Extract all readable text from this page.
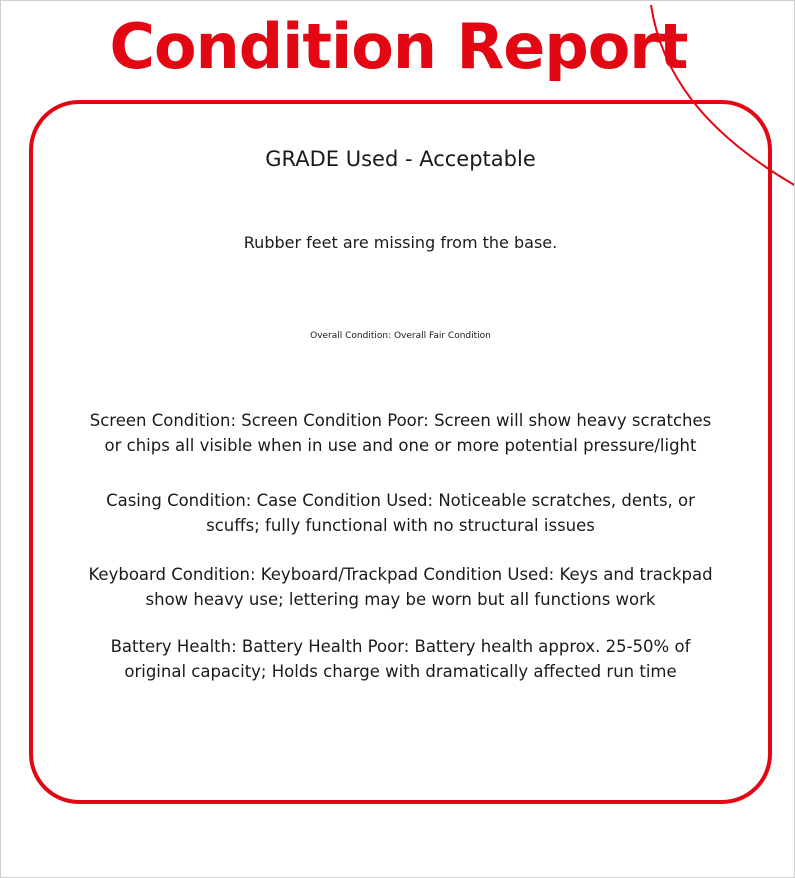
Condition Report
GRADE Used - Acceptable
Rubber feet are missing from the base.
Overall Condition: Overall Fair Condition
Screen Condition: Screen Condition Poor: Screen will show heavy scratches
or chips all visible when in use and one or more potential pressure/light
Casing Condition: Case Condition Used: Noticeable scratches, dents, or
scuffs; fully functional with no structural issues
Keyboard Condition: Keyboard/Trackpad Condition Used: Keys and trackpad
show heavy use; lettering may be worn but all functions work
Battery Health: Battery Health Poor: Battery health approx. 25-50% of
original capacity; Holds charge with dramatically affected run time
